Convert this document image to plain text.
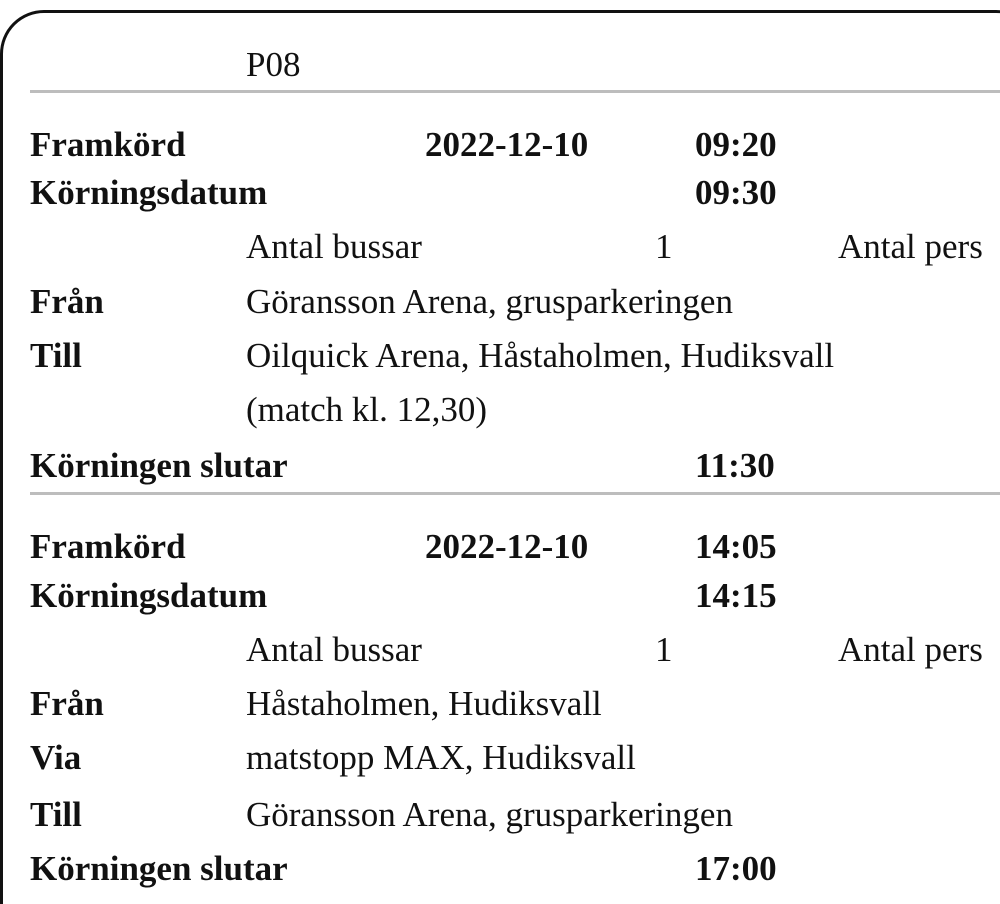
P08
Framkörd	2022-12-10	09:20
Körningsdatum	09:30
Antal bussar	1	Antal pers
Från	Göransson Arena, grusparkeringen
Till	Oilquick Arena, Håstaholmen, Hudiksvall
(match kl. 12,30)
Körningen slutar	11:30
Framkörd	2022-12-10	14:05
Körningsdatum	14:15
Antal bussar	1	Antal pers
Från	Håstaholmen, Hudiksvall
Via	matstopp MAX, Hudiksvall
Till	Göransson Arena, grusparkeringen
Körningen slutar	17:00
